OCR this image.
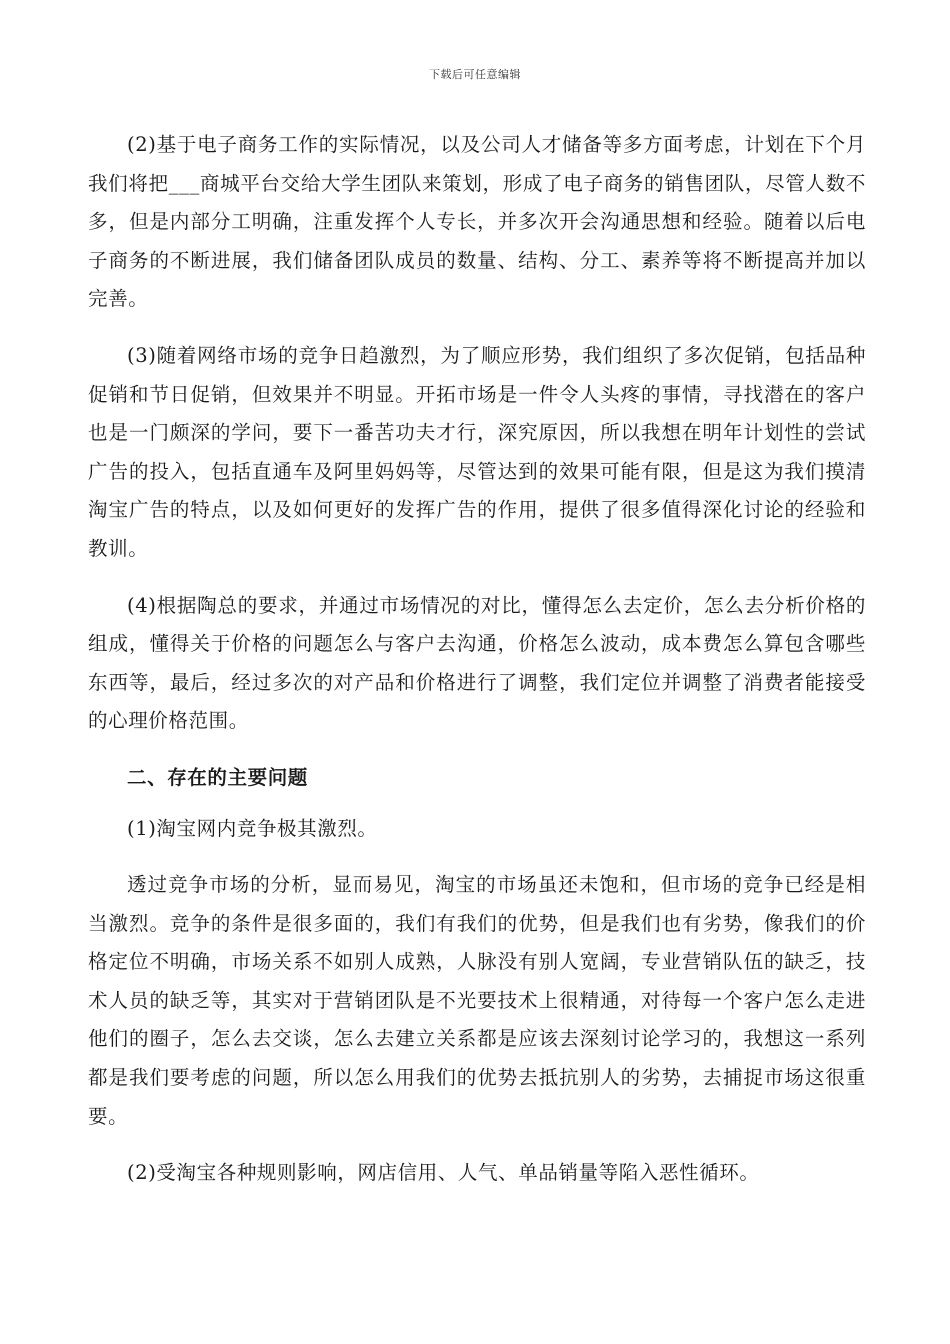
下载后可任意编辑

(2)基于电子商务工作的实际情况，以及公司人才储备等多方面考虑，计划在下个月我们将把___商城平台交给大学生团队来策划，形成了电子商务的销售团队，尽管人数不多，但是内部分工明确，注重发挥个人专长，并多次开会沟通思想和经验。随着以后电子商务的不断进展，我们储备团队成员的数量、结构、分工、素养等将不断提高并加以完善。

(3)随着网络市场的竞争日趋激烈，为了顺应形势，我们组织了多次促销，包括品种促销和节日促销，但效果并不明显。开拓市场是一件令人头疼的事情，寻找潜在的客户也是一门颇深的学问，要下一番苦功夫才行，深究原因，所以我想在明年计划性的尝试广告的投入，包括直通车及阿里妈妈等，尽管达到的效果可能有限，但是这为我们摸清淘宝广告的特点，以及如何更好的发挥广告的作用，提供了很多值得深化讨论的经验和教训。

(4)根据陶总的要求，并通过市场情况的对比，懂得怎么去定价，怎么去分析价格的组成，懂得关于价格的问题怎么与客户去沟通，价格怎么波动，成本费怎么算包含哪些东西等，最后，经过多次的对产品和价格进行了调整，我们定位并调整了消费者能接受的心理价格范围。

二、存在的主要问题

(1)淘宝网内竞争极其激烈。

透过竞争市场的分析，显而易见，淘宝的市场虽还未饱和，但市场的竞争已经是相当激烈。竞争的条件是很多面的，我们有我们的优势，但是我们也有劣势，像我们的价格定位不明确，市场关系不如别人成熟，人脉没有别人宽阔，专业营销队伍的缺乏，技术人员的缺乏等，其实对于营销团队是不光要技术上很精通，对待每一个客户怎么走进他们的圈子，怎么去交谈，怎么去建立关系都是应该去深刻讨论学习的，我想这一系列都是我们要考虑的问题，所以怎么用我们的优势去抵抗别人的劣势，去捕捉市场这很重要。

(2)受淘宝各种规则影响，网店信用、人气、单品销量等陷入恶性循环。
